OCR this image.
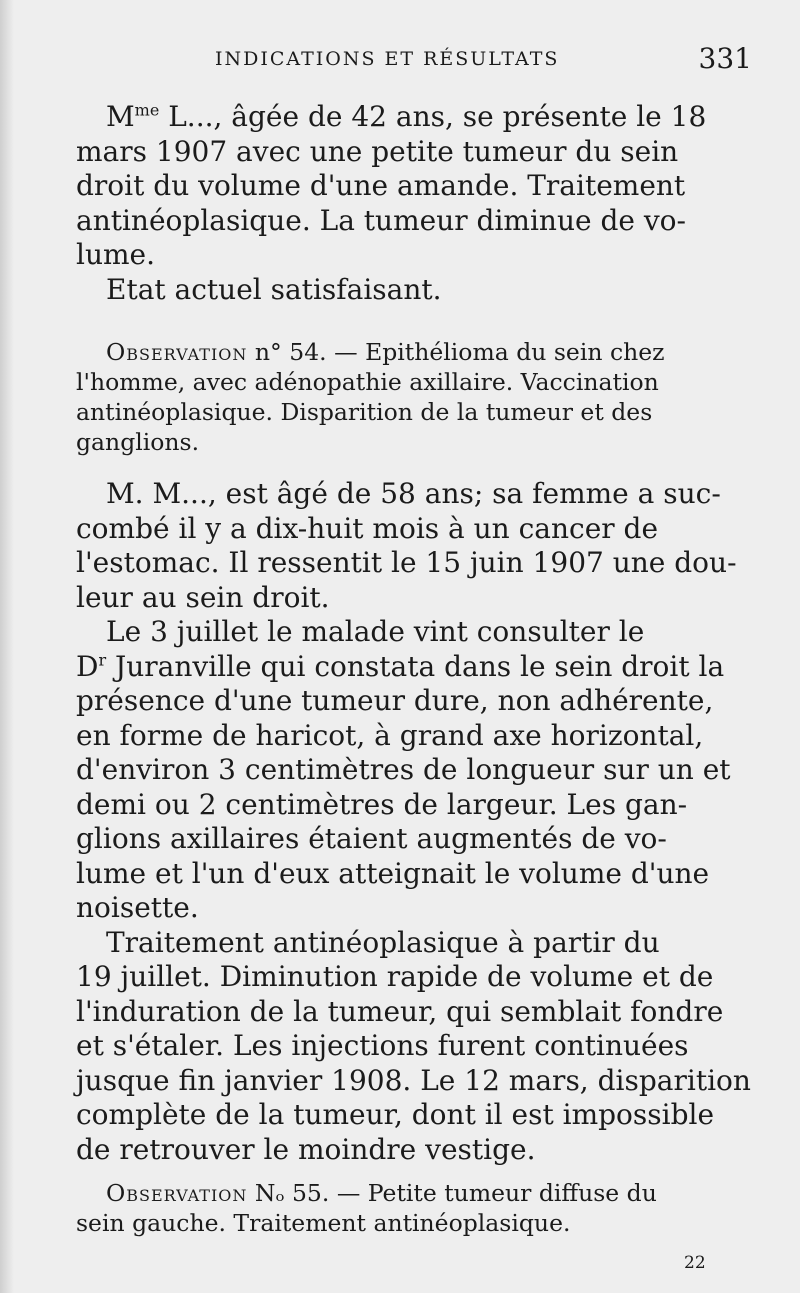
INDICATIONS ET RÉSULTATS	331
$M^{me}$ L..., âgée de 42 ans, se présente le 18
mars 1907 avec une petite tumeur du sein
droit du volume d'une amande. Traitement
antinéoplasique. La tumeur diminue de vo-
lume.
Etat actuel satisfaisant.
Observation n° 54. — Epithélioma du sein chez
l'homme, avec adénopathie axillaire. Vaccination
antinéoplasique. Disparition de la tumeur et des
ganglions.
M. M..., est âgé de 58 ans; sa femme a suc-
combé il y a dix-huit mois à un cancer de
l'estomac. Il ressentit le 15 juin 1907 une dou-
leur au sein droit.
Le 3 juillet le malade vint consulter le
$D^r$ Juranville qui constata dans le sein droit la
présence d'une tumeur dure, non adhérente,
en forme de haricot, à grand axe horizontal,
d'environ 3 centimètres de longueur sur un et
demi ou 2 centimètres de largeur. Les gan-
glions axillaires étaient augmentés de vo-
lume et l'un d'eux atteignait le volume d'une
noisette.
Traitement antinéoplasique à partir du
19 juillet. Diminution rapide de volume et de
l'induration de la tumeur, qui semblait fondre
et s'étaler. Les injections furent continuées
jusque fin janvier 1908. Le 12 mars, disparition
complète de la tumeur, dont il est impossible
de retrouver le moindre vestige.
Observation Nₒ 55. — Petite tumeur diffuse du
sein gauche. Traitement antinéoplasique.
22
